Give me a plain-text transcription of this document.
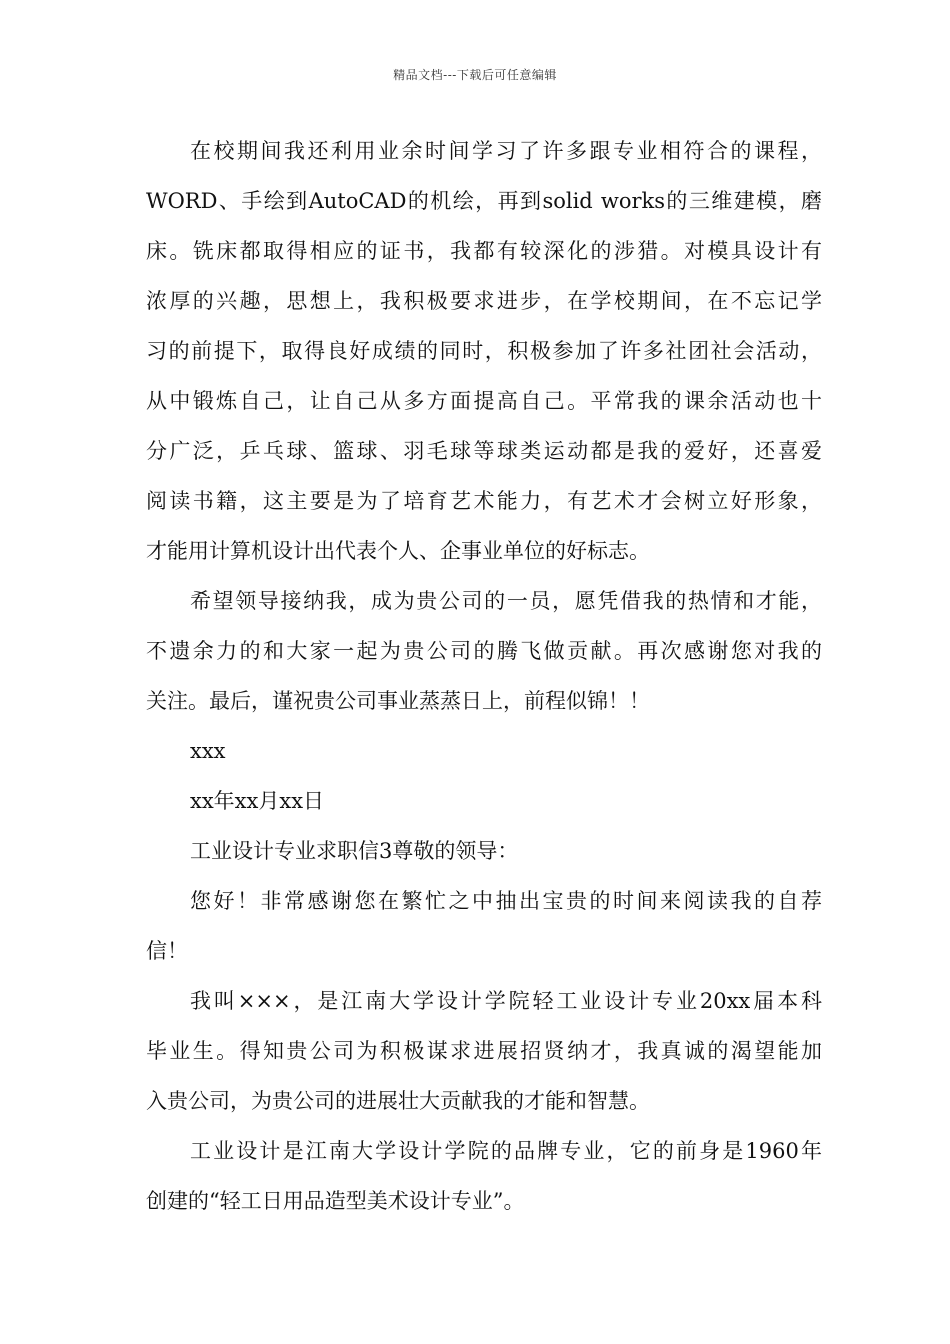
精品文档---下载后可任意编辑
在校期间我还利用业余时间学习了许多跟专业相符合的课程，
WORD、手绘到AutoCAD的机绘，再到solid works的三维建模，磨
床。铣床都取得相应的证书，我都有较深化的涉猎。对模具设计有
浓厚的兴趣，思想上，我积极要求进步，在学校期间，在不忘记学
习的前提下，取得良好成绩的同时，积极参加了许多社团社会活动，
从中锻炼自己，让自己从多方面提高自己。平常我的课余活动也十
分广泛，乒乓球、篮球、羽毛球等球类运动都是我的爱好，还喜爱
阅读书籍，这主要是为了培育艺术能力，有艺术才会树立好形象，
才能用计算机设计出代表个人、企事业单位的好标志。
希望领导接纳我，成为贵公司的一员，愿凭借我的热情和才能，
不遗余力的和大家一起为贵公司的腾飞做贡献。再次感谢您对我的
关注。最后，谨祝贵公司事业蒸蒸日上，前程似锦！！
xxx
xx年xx月xx日
工业设计专业求职信3尊敬的领导：
您好！非常感谢您在繁忙之中抽出宝贵的时间来阅读我的自荐
信！
我叫×××，是江南大学设计学院轻工业设计专业20xx届本科
毕业生。得知贵公司为积极谋求进展招贤纳才，我真诚的渴望能加
入贵公司，为贵公司的进展壮大贡献我的才能和智慧。
工业设计是江南大学设计学院的品牌专业，它的前身是1960年
创建的“轻工日用品造型美术设计专业”。
